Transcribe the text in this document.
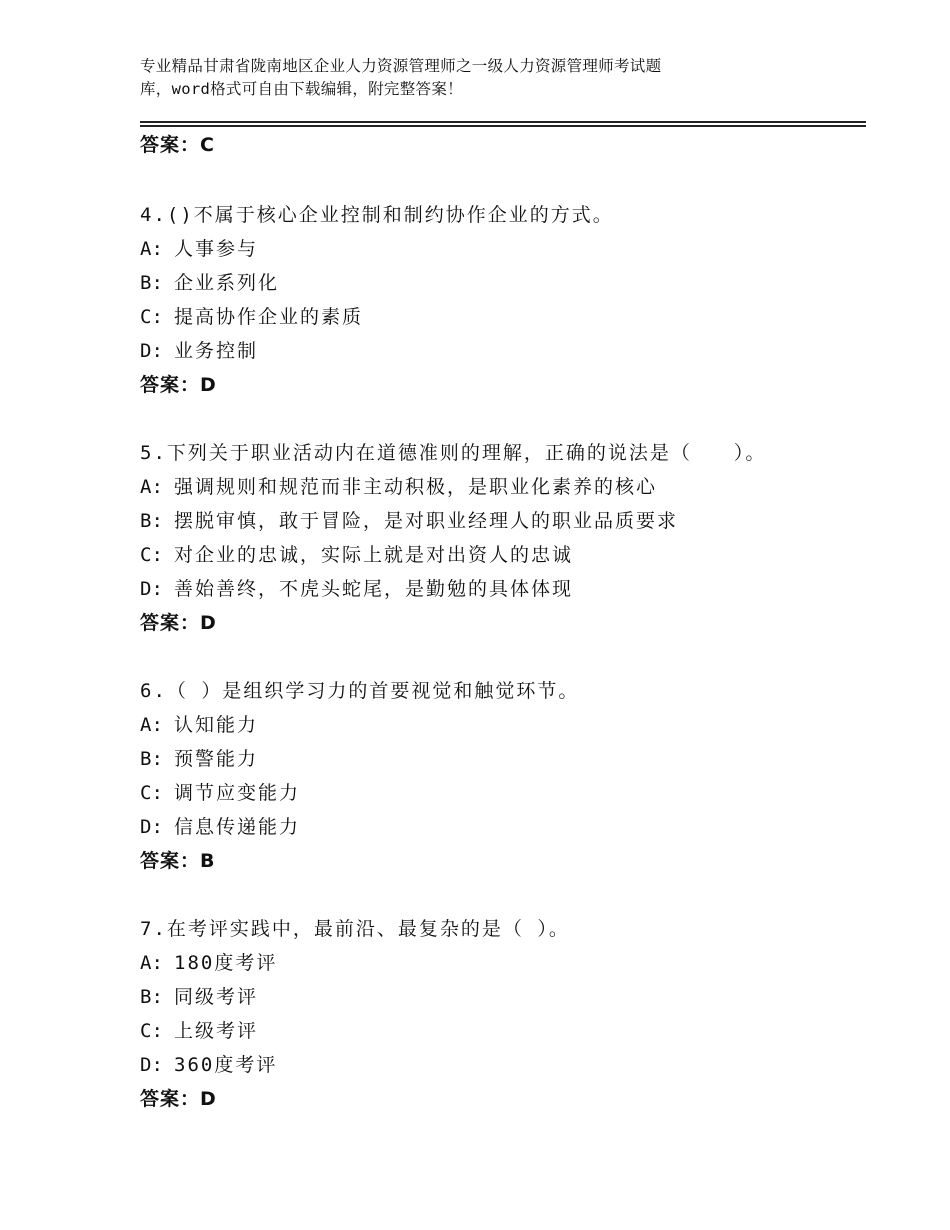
专业精品甘肃省陇南地区企业人力资源管理师之一级人力资源管理师考试题
库，word格式可自由下载编辑，附完整答案！
答案：C
4.()不属于核心企业控制和制约协作企业的方式。
A: 人事参与
B: 企业系列化
C: 提高协作企业的素质
D: 业务控制
答案：D
5.下列关于职业活动内在道德准则的理解，正确的说法是（　　）。
A: 强调规则和规范而非主动积极，是职业化素养的核心
B: 摆脱审慎，敢于冒险，是对职业经理人的职业品质要求
C: 对企业的忠诚，实际上就是对出资人的忠诚
D: 善始善终，不虎头蛇尾，是勤勉的具体体现
答案：D
6.（ ）是组织学习力的首要视觉和触觉环节。
A: 认知能力
B: 预警能力
C: 调节应变能力
D: 信息传递能力
答案：B
7.在考评实践中，最前沿、最复杂的是（ ）。
A: 180度考评
B: 同级考评
C: 上级考评
D: 360度考评
答案：D
